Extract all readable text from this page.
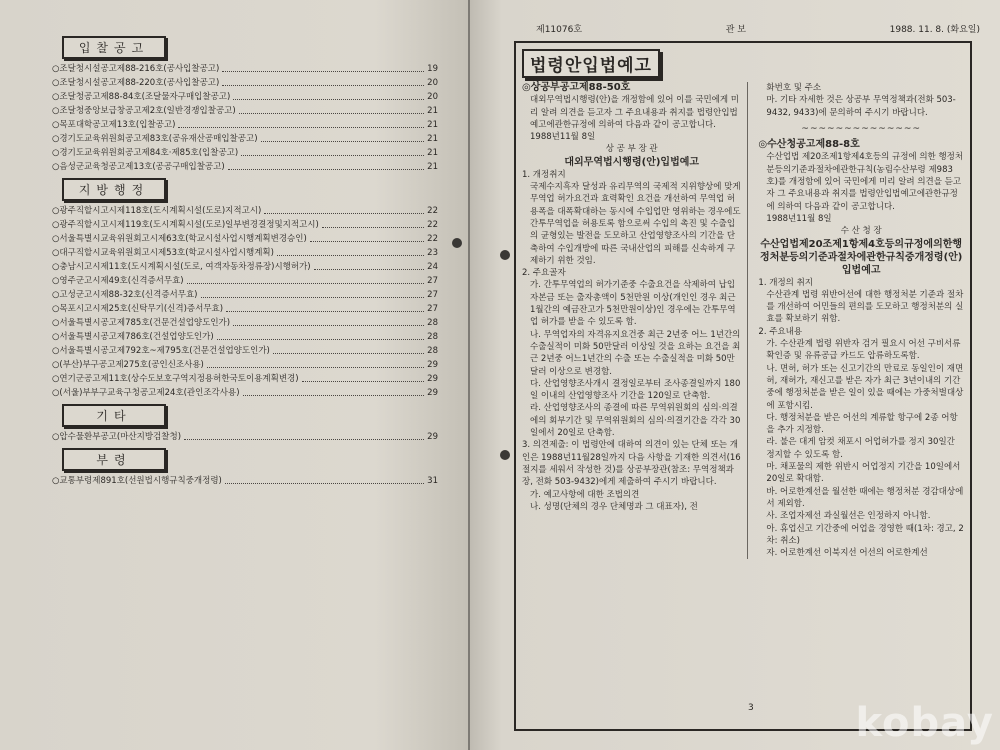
입찰공고
○조달청시설공고제88-216호(공사입찰공고)	19
○조달청시설공고제88-220호(공사입찰공고)	20
○조달청공고제88-84호(조달물자구매입찰공고)	20
○조달청중앙보급창공고제2호(일반경쟁입찰공고)	21
○목포대학공고제13호(입찰공고)	21
○경기도교육위원회공고제83호(공유재산공매입찰공고)	21
○경기도교육위원회공고제84호·제85호(입찰공고)	21
○음성군교육청공고제13호(공공구매입찰공고)	21
지방행정
○광주직할시고시제118호(도시계획시설(도로)지적고시)	22
○광주직할시고시제119호(도시계획시설(도로)일부변경결정및지적고시)	22
○서울특별시교육위원회고시제63호(학교시설사업시행계획변경승인)	22
○대구직할시교육위원회고시제53호(학교시설사업시행계획)	23
○충남시고시제11호(도시계획시설(도로, 여객자동차정류장)시행허가)	24
○영주군고시제49호(신격증서무효)	27
○고성군고시제88-32호(신격증서무효)	27
○목포시고시제25호(신탁무기(신격)증서무효)	27
○서울특별시공고제785호(건문건설업양도인가)	28
○서울특별시공고제786호(건설업양도인가)	28
○서울특별시공고제792호~제795호(건문건설업양도인가)	28
○(부산)부구공고제275호(공인신조사용)	29
○연기군공고제11호(상수도보호구역지정용허한국토이용계획변경)	29
○(서울)부부구교육구청공고제24호(관인조각사용)	29
기타
○압수물환부공고(마산지방검찰청)	29
부령
○교통부령제891호(선원법시행규칙중개정령)	31
제11076호	관 보	1988. 11. 8. (화요일)
법령안입법예고

◎상공부공고제88-50호

대외무역법시행령(안)을 개정함에 있어 이를 국민에게 미리 알려 의견을 듣고자 그 주요내용과 취지를 법령안입법예고에관한규정에 의하여 다음과 같이 공고합니다.

1988년11월 8일

상 공 부 장 관

대외무역법시행령(안)입법예고

1. 개정취지

국제수지흑자 달성과 유리무역의 국제적 지위향상에 맞게 무역업 허가요건과 효력확인 요건을 개선하여 무역업 허용폭을 대폭확대하는 동시에 수입업만 영위하는 경우에도 간투무역업을 허용토록 함으로써 수입의 촉진 및 수출입의 균형있는 발전을 도모하고 산업영향조사의 기간을 단축하여 수입개방에 따른 국내산업의 피해를 신속하게 구제하기 위한 것임.

2. 주요골자

가. 간투무역업의 허가기준중 수출요건을 삭제하여 납입자본금 또는 출자총액이 5천만원 이상(개인인 경우 최근 1월간의 예금잔고가 5천만원이상)인 경우에는 간투무역업 허가를 받을 수 있도록 함.

나. 무역업자의 자격유지요건중 최근 2년중 어느 1년간의 수출실적이 미화 50만달러 이상일 것을 요하는 요건을 최근 2년중 어느1년간의 수출 또는 수출실적을 미화 50만달러 이상으로 변경함.

다. 산업영향조사개시 결정일로부터 조사종결일까지 180일 이내의 산업영향조사 기간을 120일로 단축함.

라. 산업영향조사의 종결에 따른 무역위원회의 심의·의결에의 회부기간 및 무역위원회의 심의·의결기간을 각각 30일에서 20일로 단축함.

3. 의견제출: 이 법령안에 대하여 의견이 있는 단체 또는 개인은 1988년11월28일까지 다음 사항을 기재한 의견서(16절지를 세워서 작성한 것)를 상공부장관(참조: 무역정책과장, 전화 503-9432)에게 제출하여 주시기 바랍니다.

가. 예고사항에 대한 조법의견

나. 성명(단체의 경우 단체명과 그 대표자), 전

화번호 및 주소

마. 기타 자세한 것은 상공부 무역정책과(전화 503-9432, 9433)에 문의하여 주시기 바랍니다.

~~~~~~~~~~~~~~

◎수산청공고제88-8호

수산업법 제20조제1항제4호등의 규정에 의한 행정처분등의기준과절차에관한규칙(농림수산부령 제983호)를 개정함에 있어 국민에게 미리 알려 의견을 듣고자 그 주요내용과 취지를 법령안입법예고에관한규정에 의하여 다음과 같이 공고합니다.

1988년11월 8일

수 산 청 장

수산업법제20조제1항제4호등의규정에의한행정처분등의기준과절차에관한규칙중개정령(안)입법예고

1. 개정의 취지

수산관계 법령 위반어선에 대한 행정처분 기준과 절차를 개선하여 어민들의 편의를 도모하고 행정처분의 실효를 확보하기 위함.

2. 주요내용

가. 수산관계 법령 위반자 검거 필요시 어선 구비서류 확인증 및 유류공급 카드도 압류하도록함.

나. 면허, 허가 또는 신고기간의 만료로 동일인이 재면허, 재허가, 재신고를 받은 자가 최근 3년이내의 기간중에 행정처분을 받은 일이 있을 때에는 가중처벌대상에 포함시킴.

다. 행정처분을 받은 어선의 계류할 항구에 2종 어항을 추가 지정함.

라. 불은 대게 암컷 채포시 어업허가를 정지 30일간 정지할 수 있도록 함.

마. 채포물의 제한 위반시 어업정지 기간을 10일에서 20일로 확대함.

바. 어로한계선을 월선한 때에는 행정처분 경감대상에서 제외함.

사. 조업자제선 과실월선은 인정하지 아니함.

아. 휴업신고 기간중에 어업을 경영한 때(1차: 경고, 2차: 취소)

자. 어로한계선 이북지선 어선의 어로한계선

3	kobay
